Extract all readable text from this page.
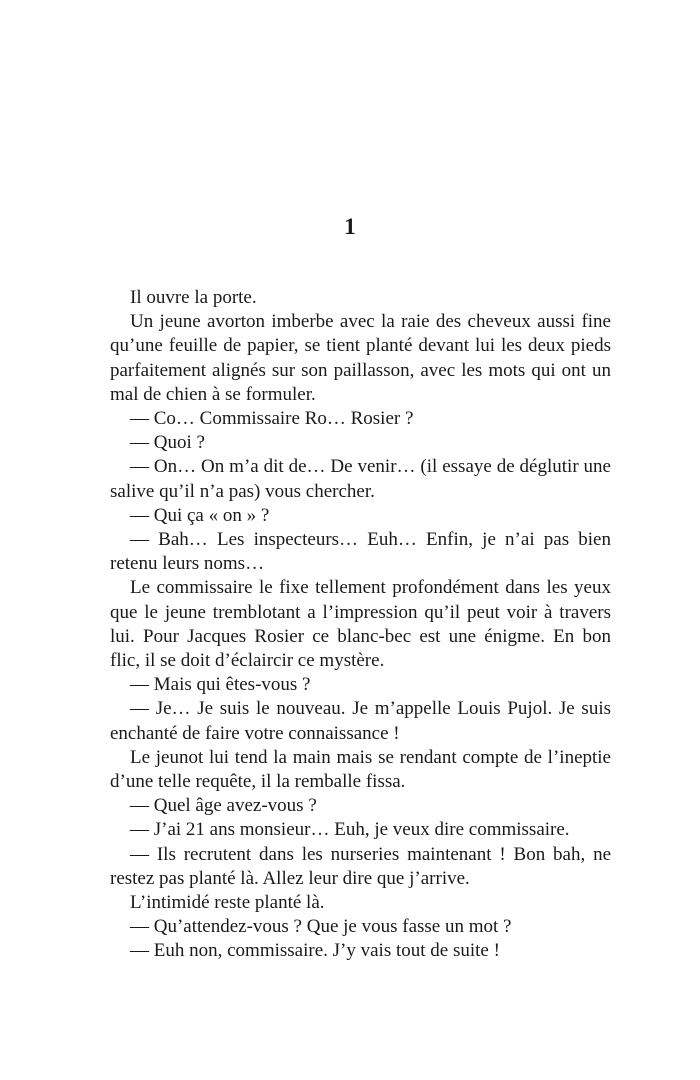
1

Il ouvre la porte.

Un jeune avorton imberbe avec la raie des cheveux aussi fine qu’une feuille de papier, se tient planté devant lui les deux pieds parfaitement alignés sur son paillasson, avec les mots qui ont un mal de chien à se formuler.

— Co… Commissaire Ro… Rosier ?

— Quoi ?

— On… On m’a dit de… De venir… (il essaye de déglutir une salive qu’il n’a pas) vous chercher.

— Qui ça « on » ?

— Bah… Les inspecteurs… Euh… Enfin, je n’ai pas bien retenu leurs noms…

Le commissaire le fixe tellement profondément dans les yeux que le jeune tremblotant a l’impression qu’il peut voir à travers lui. Pour Jacques Rosier ce blanc-bec est une énigme. En bon flic, il se doit d’éclaircir ce mystère.

— Mais qui êtes-vous ?

— Je… Je suis le nouveau. Je m’appelle Louis Pujol. Je suis enchanté de faire votre connaissance !

Le jeunot lui tend la main mais se rendant compte de l’ineptie d’une telle requête, il la remballe fissa.

— Quel âge avez-vous ?

— J’ai 21 ans monsieur… Euh, je veux dire commissaire.

— Ils recrutent dans les nurseries maintenant ! Bon bah, ne restez pas planté là. Allez leur dire que j’arrive.

L’intimidé reste planté là.

— Qu’attendez-vous ? Que je vous fasse un mot ?

— Euh non, commissaire. J’y vais tout de suite !
